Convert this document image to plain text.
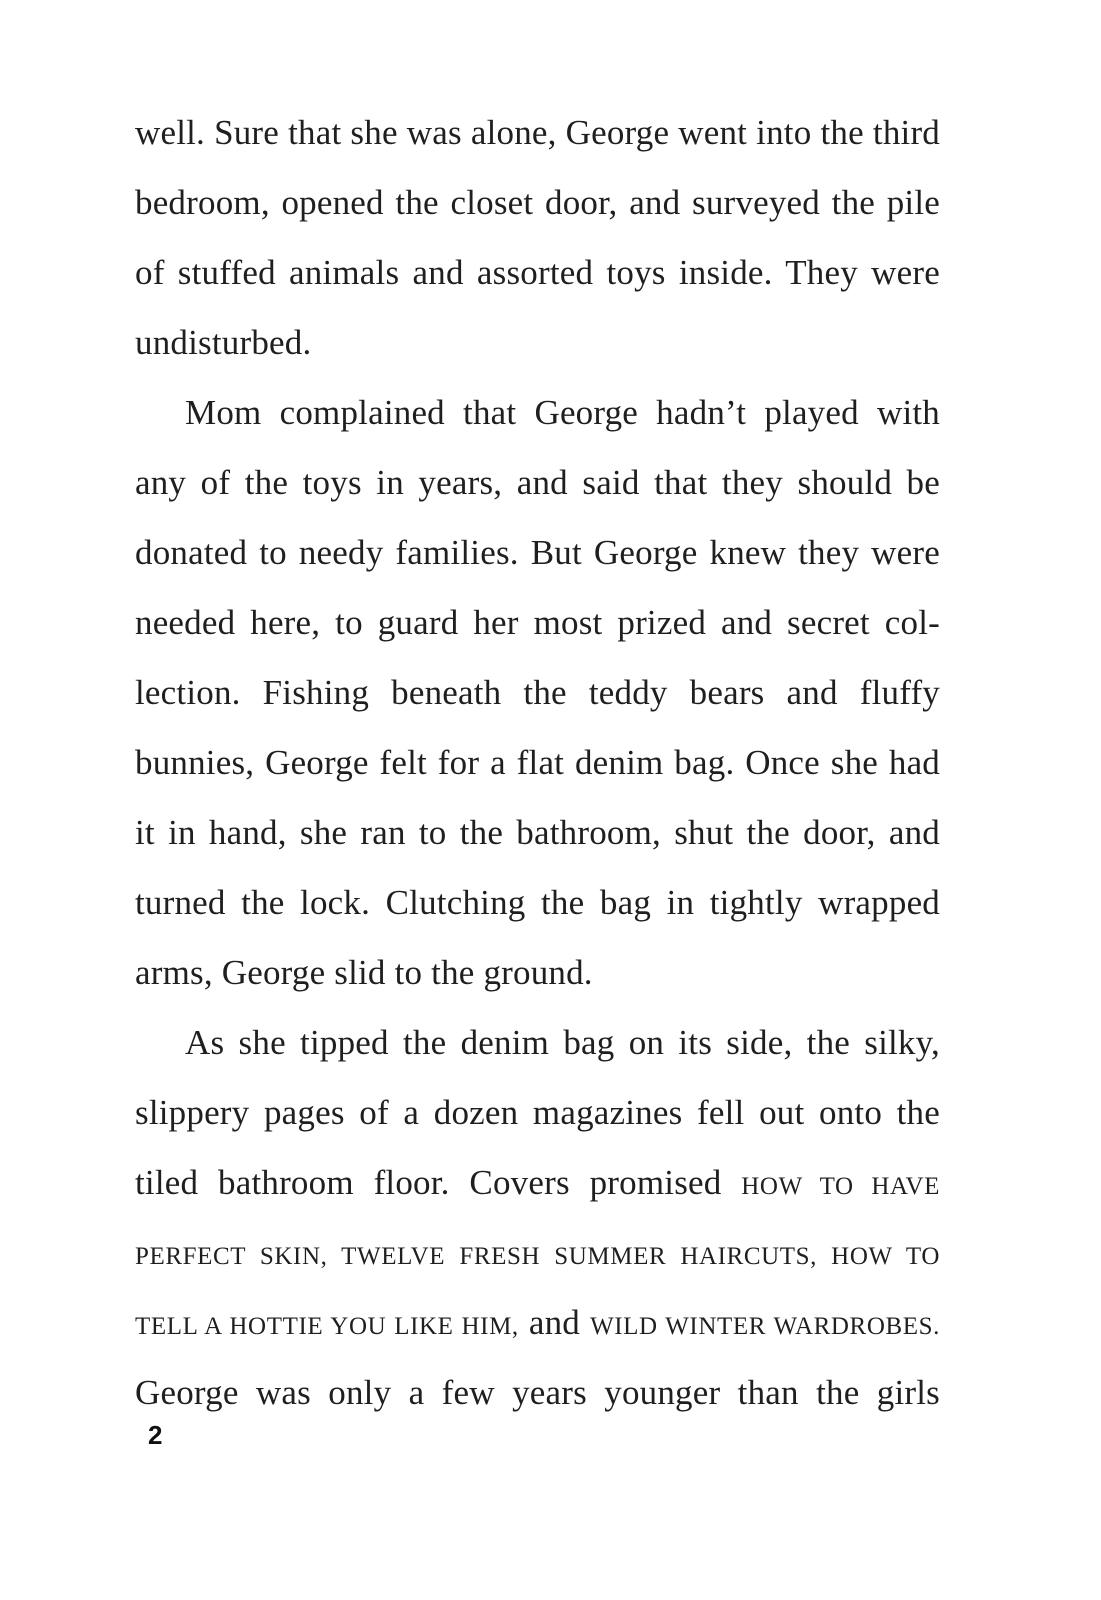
well. Sure that she was alone, George went into the third
bedroom, opened the closet door, and surveyed the pile
of stuffed animals and assorted toys inside. They were
undisturbed.
Mom complained that George hadn’t played with
any of the toys in years, and said that they should be
donated to needy families. But George knew they were
needed here, to guard her most prized and secret col-
lection. Fishing beneath the teddy bears and fluffy
bunnies, George felt for a flat denim bag. Once she had
it in hand, she ran to the bathroom, shut the door, and
turned the lock. Clutching the bag in tightly wrapped
arms, George slid to the ground.
As she tipped the denim bag on its side, the silky,
slippery pages of a dozen magazines fell out onto the
tiled bathroom floor. Covers promised HOW TO HAVE
PERFECT SKIN, TWELVE FRESH SUMMER HAIRCUTS, HOW TO
TELL A HOTTIE YOU LIKE HIM, and WILD WINTER WARDROBES.
George was only a few years younger than the girls
2
